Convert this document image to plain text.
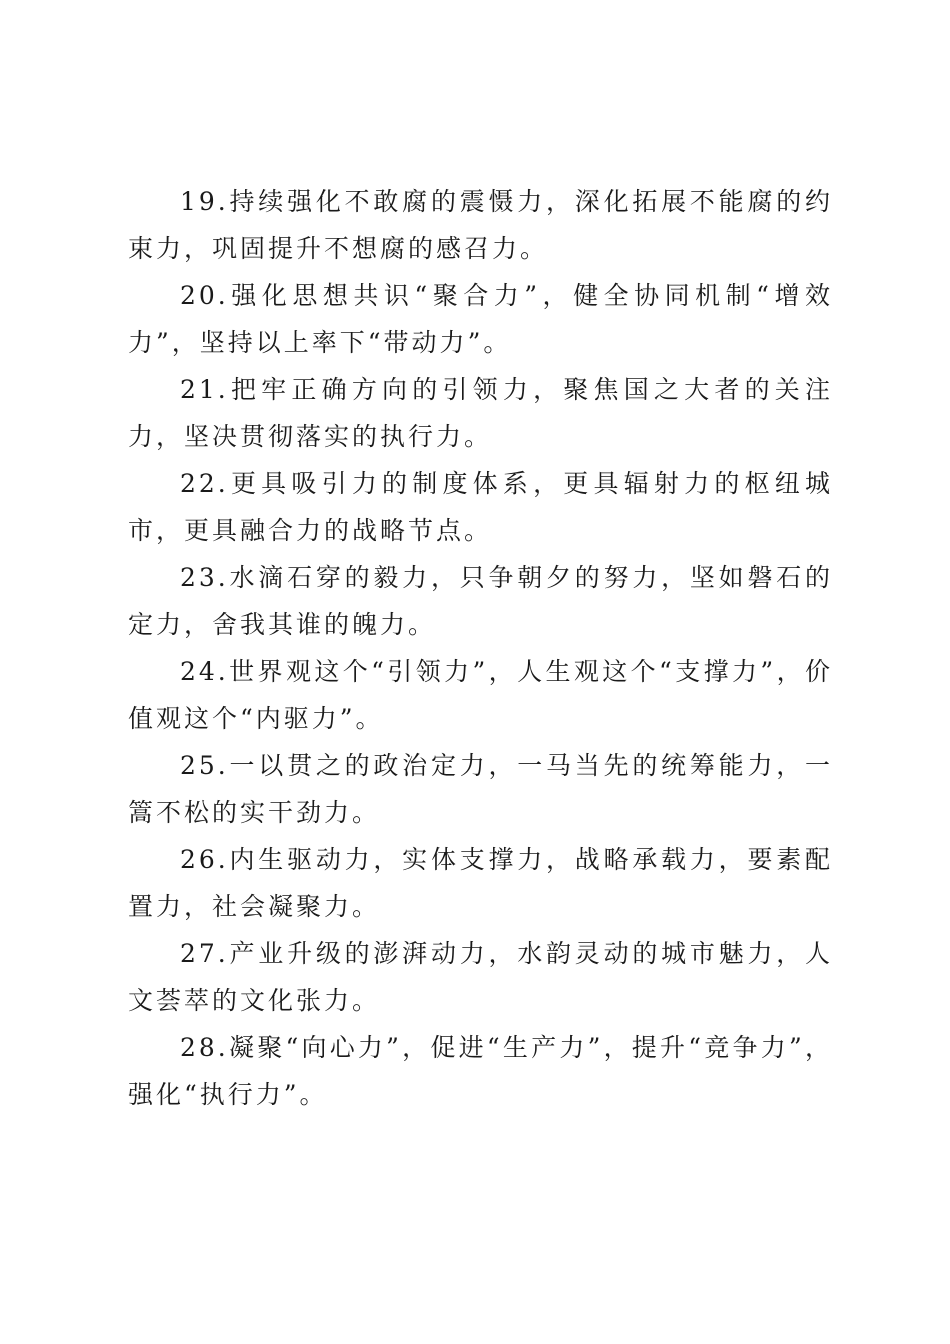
19.持续强化不敢腐的震慑力，深化拓展不能腐的约束力，巩固提升不想腐的感召力。

20.强化思想共识“聚合力”，健全协同机制“增效力”，坚持以上率下“带动力”。

21.把牢正确方向的引领力，聚焦国之大者的关注力，坚决贯彻落实的执行力。

22.更具吸引力的制度体系，更具辐射力的枢纽城市，更具融合力的战略节点。

23.水滴石穿的毅力，只争朝夕的努力，坚如磐石的定力，舍我其谁的魄力。

24.世界观这个“引领力”，人生观这个“支撑力”，价值观这个“内驱力”。

25.一以贯之的政治定力，一马当先的统筹能力，一篙不松的实干劲力。

26.内生驱动力，实体支撑力，战略承载力，要素配置力，社会凝聚力。

27.产业升级的澎湃动力，水韵灵动的城市魅力，人文荟萃的文化张力。

28.凝聚“向心力”，促进“生产力”，提升“竞争力”，强化“执行力”。
